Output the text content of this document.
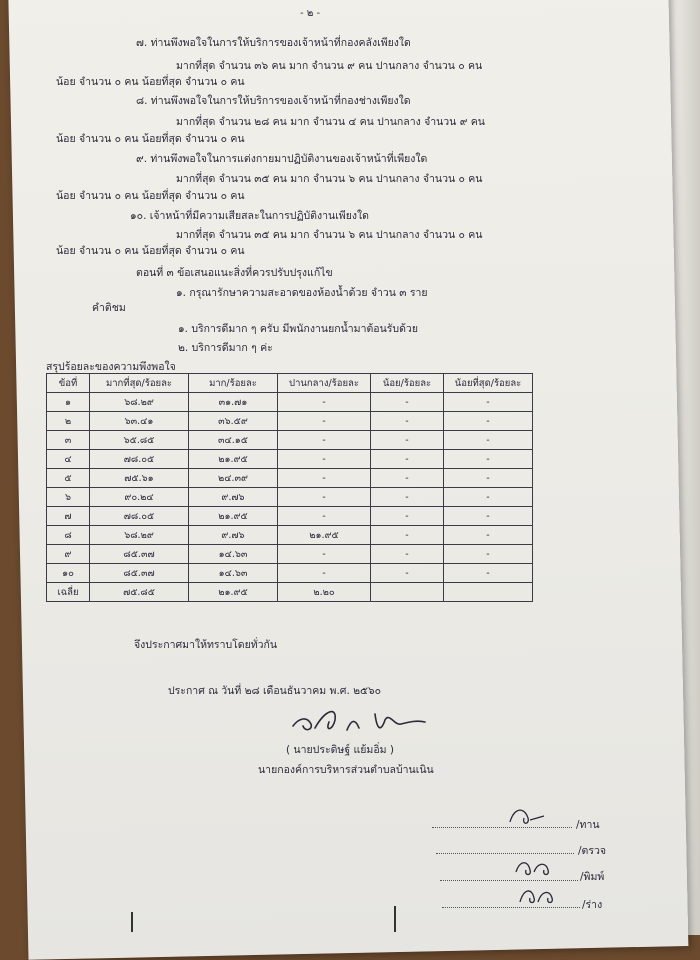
- ๒ -
๗. ท่านพึงพอใจในการให้บริการของเจ้าหน้าที่กองคลังเพียงใด
มากที่สุด จำนวน ๓๖ คน มาก จำนวน ๙ คน ปานกลาง จำนวน ๐ คน
น้อย จำนวน ๐ คน น้อยที่สุด จำนวน ๐ คน
๘. ท่านพึงพอใจในการให้บริการของเจ้าหน้าที่กองช่างเพียงใด
มากที่สุด จำนวน ๒๘ คน มาก จำนวน ๔ คน ปานกลาง จำนวน ๙ คน
น้อย จำนวน ๐ คน น้อยที่สุด จำนวน ๐ คน
๙. ท่านพึงพอใจในการแต่งกายมาปฏิบัติงานของเจ้าหน้าที่เพียงใด
มากที่สุด จำนวน ๓๕ คน มาก จำนวน ๖ คน ปานกลาง จำนวน ๐ คน
น้อย จำนวน ๐ คน น้อยที่สุด จำนวน ๐ คน
๑๐. เจ้าหน้าที่มีความเสียสละในการปฏิบัติงานเพียงใด
มากที่สุด จำนวน ๓๕ คน มาก จำนวน ๖ คน ปานกลาง จำนวน ๐ คน
น้อย จำนวน ๐ คน น้อยที่สุด จำนวน ๐ คน
ตอนที่ ๓ ข้อเสนอแนะสิ่งที่ควรปรับปรุงแก้ไข
๑. กรุณารักษาความสะอาดของห้องน้ำด้วย จำวน ๓ ราย
คำติชม
๑. บริการดีมาก ๆ ครับ มีพนักงานยกน้ำมาต้อนรับด้วย
๒. บริการดีมาก ๆ ค่ะ
สรุปร้อยละของความพึงพอใจ
ข้อที่	มากที่สุด/ร้อยละ	มาก/ร้อยละ	ปานกลาง/ร้อยละ	น้อย/ร้อยละ	น้อยที่สุด/ร้อยละ
๑	๖๘.๒๙	๓๑.๗๑	-	-	-
๒	๖๓.๔๑	๓๖.๕๙	-	-	-
๓	๖๕.๘๕	๓๔.๑๕	-	-	-
๔	๗๘.๐๕	๒๑.๙๕	-	-	-
๕	๗๕.๖๑	๒๔.๓๙	-	-	-
๖	๙๐.๒๔	๙.๗๖	-	-	-
๗	๗๘.๐๕	๒๑.๙๕	-	-	-
๘	๖๘.๒๙	๙.๗๖	๒๑.๙๕	-	-
๙	๘๕.๓๗	๑๔.๖๓	-	-	-
๑๐	๘๕.๓๗	๑๔.๖๓	-	-	-
เฉลี่ย	๗๕.๘๕	๒๑.๙๕	๒.๒๐		
จึงประกาศมาให้ทราบโดยทั่วกัน
ประกาศ ณ วันที่ ๒๘ เดือนธันวาคม พ.ศ. ๒๕๖๐
( นายประดิษฐ์ แย้มอิ่ม )
นายกองค์การบริหารส่วนตำบลบ้านเนิน
/ทาน
/ตรวจ
/พิมพ์
/ร่าง
